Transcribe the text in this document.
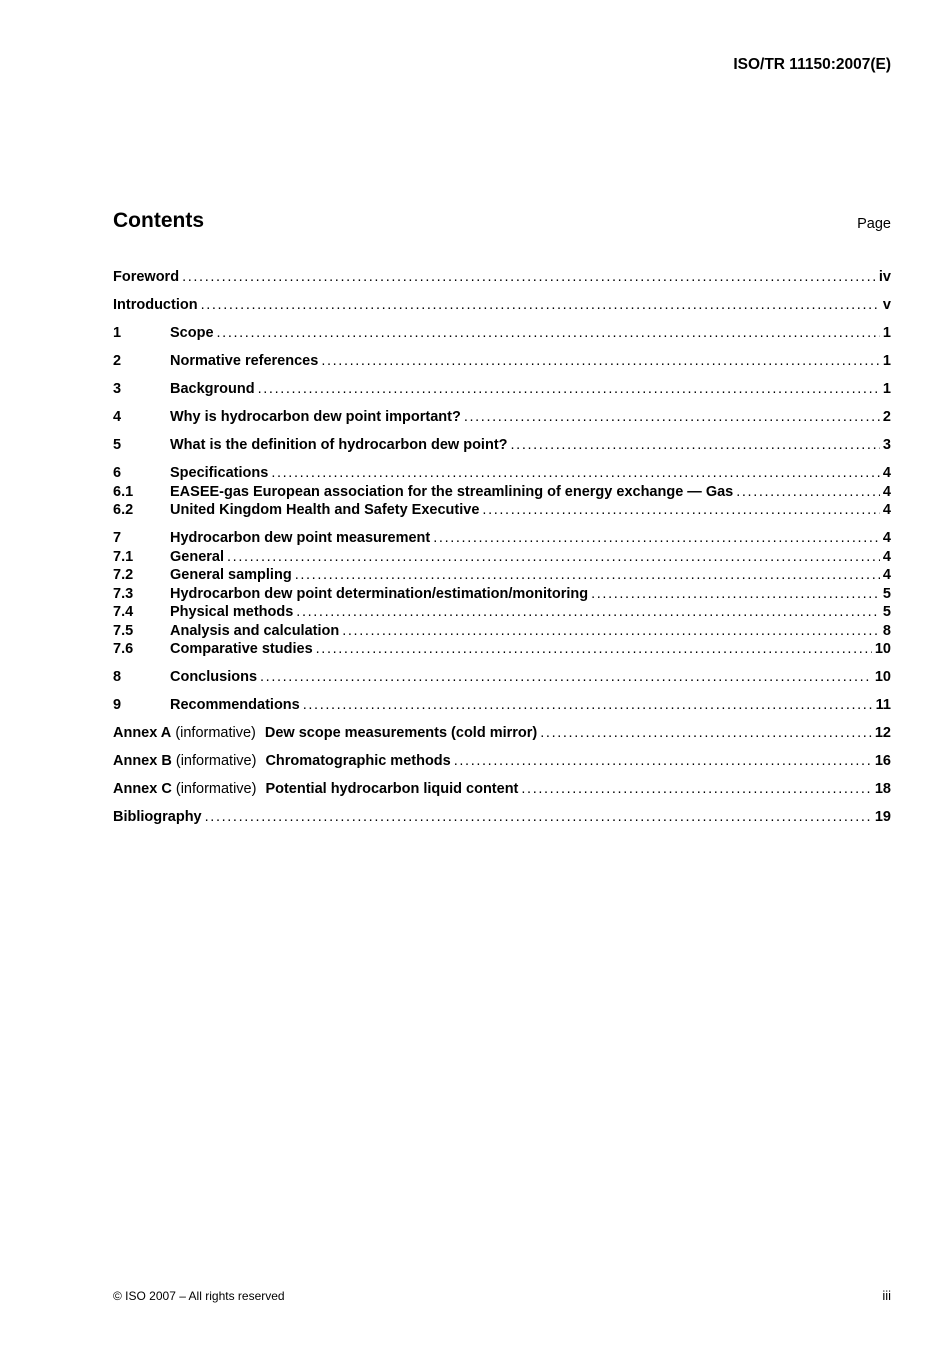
ISO/TR 11150:2007(E)
Contents	Page
Foreword . . .	iv
Introduction . . .	v
1	Scope . . .	1
2	Normative references . . .	1
3	Background . . .	1
4	Why is hydrocarbon dew point important? . . .	2
5	What is the definition of hydrocarbon dew point? . . .	3
6	Specifications . . .	4
6.1	EASEE-gas European association for the streamlining of energy exchange — Gas . . .	4
6.2	United Kingdom Health and Safety Executive . . .	4
7	Hydrocarbon dew point measurement . . .	4
7.1	General . . .	4
7.2	General sampling . . .	4
7.3	Hydrocarbon dew point determination/estimation/monitoring . . .	5
7.4	Physical methods . . .	5
7.5	Analysis and calculation . . .	8
7.6	Comparative studies . . .	10
8	Conclusions . . .	10
9	Recommendations . . .	11
Annex A (informative) Dew scope measurements (cold mirror) . . .	12
Annex B (informative) Chromatographic methods . . .	16
Annex C (informative) Potential hydrocarbon liquid content . . .	18
Bibliography . . .	19
© ISO 2007 – All rights reserved	iii
